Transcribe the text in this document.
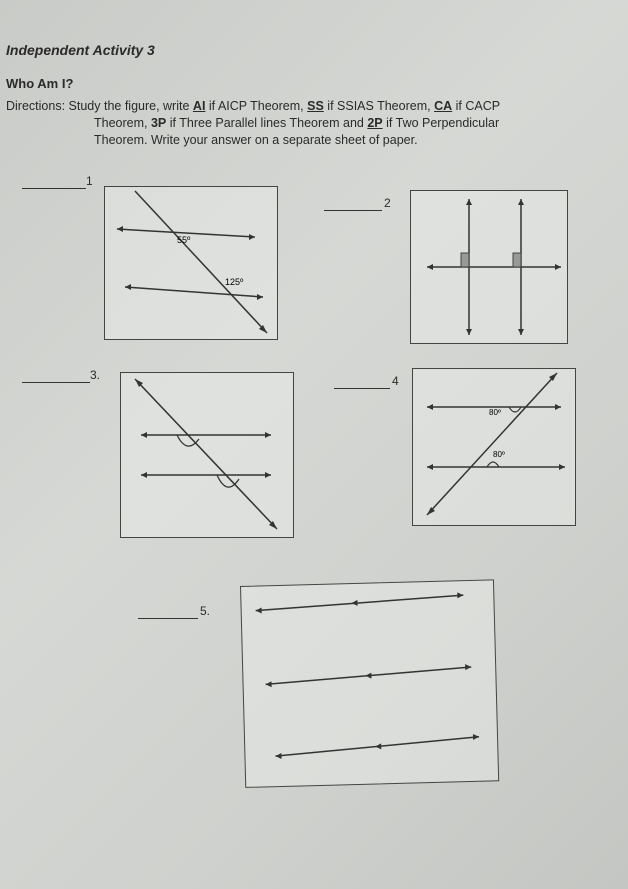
Independent Activity 3
Who Am I?
Directions: Study the figure, write AI if AICP Theorem, SS if SSIAS Theorem, CA if CACP
Theorem, 3P if Three Parallel lines Theorem and 2P if Two Perpendicular
Theorem. Write your answer on a separate sheet of paper.
1
55º
125º
2
3.	4
80º
80º
5.
